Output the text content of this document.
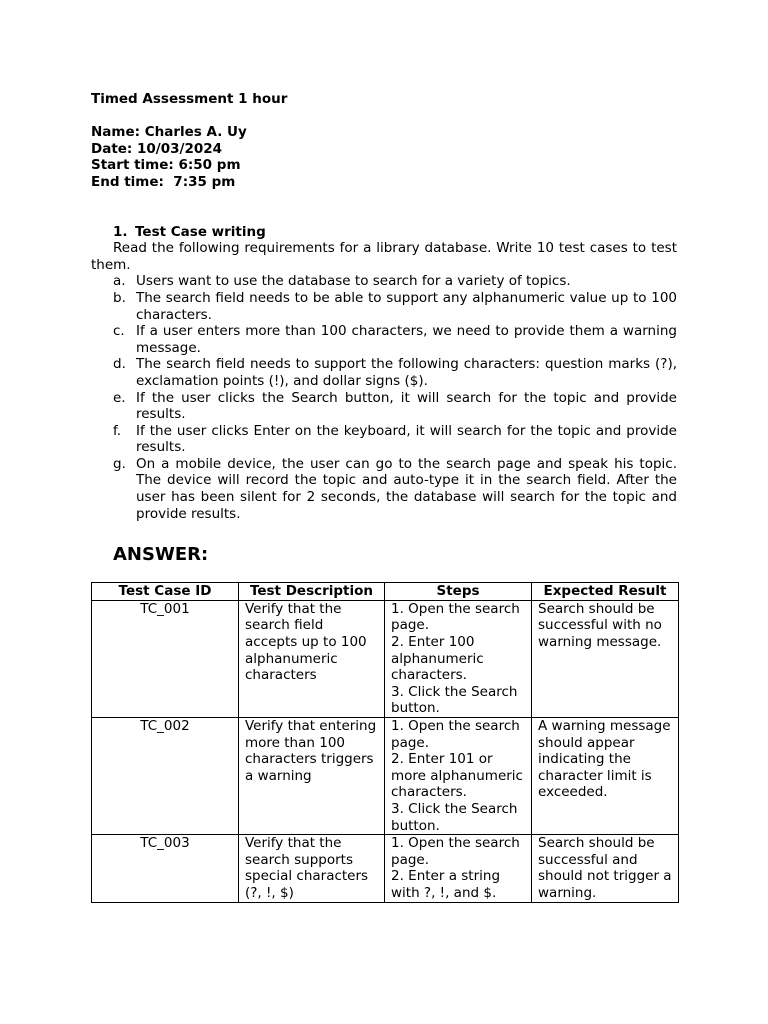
Timed Assessment 1 hour
Name: Charles A. Uy
Date: 10/03/2024
Start time: 6:50 pm
End time:  7:35 pm
1. Test Case writing
Read the following requirements for a library database. Write 10 test cases to test them.
a. Users want to use the database to search for a variety of topics.
b. The search field needs to be able to support any alphanumeric value up to 100 characters.
c. If a user enters more than 100 characters, we need to provide them a warning message.
d. The search field needs to support the following characters: question marks (?), exclamation points (!), and dollar signs ($).
e. If the user clicks the Search button, it will search for the topic and provide results.
f. If the user clicks Enter on the keyboard, it will search for the topic and provide results.
g. On a mobile device, the user can go to the search page and speak his topic. The device will record the topic and auto-type it in the search field. After the user has been silent for 2 seconds, the database will search for the topic and provide results.
ANSWER:
Test Case ID	Test Description	Steps	Expected Result
TC_001	Verify that the search field accepts up to 100 alphanumeric characters	1. Open the search page.
2. Enter 100 alphanumeric characters.
3. Click the Search button.	Search should be successful with no warning message.
TC_002	Verify that entering more than 100 characters triggers a warning	1. Open the search page.
2. Enter 101 or more alphanumeric characters.
3. Click the Search button.	A warning message should appear indicating the character limit is exceeded.
TC_003	Verify that the search supports special characters (?, !, $)	1. Open the search page.
2. Enter a string with ?, !, and $.	Search should be successful and should not trigger a warning.
